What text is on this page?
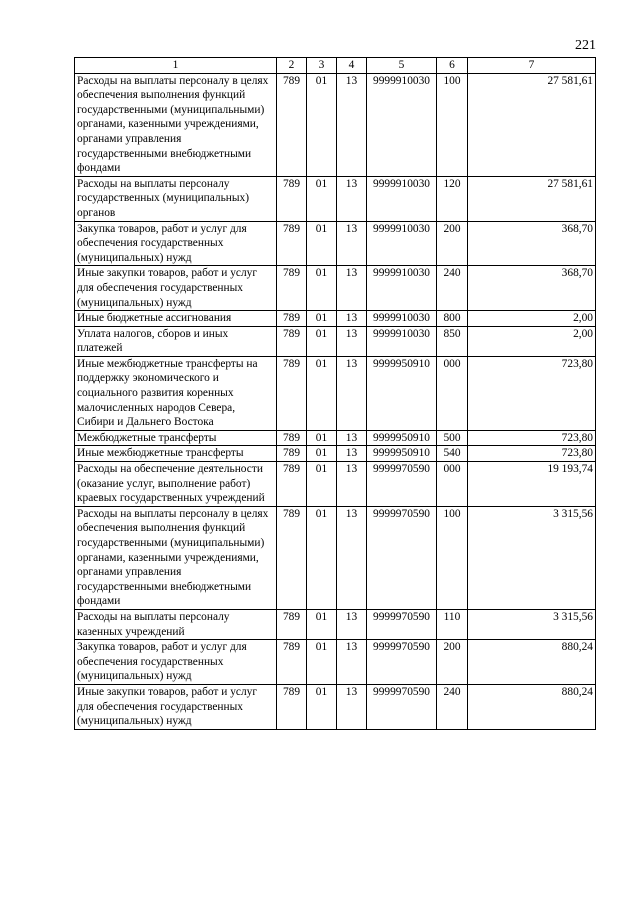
221
1	2	3	4	5	6	7
Расходы на выплаты персоналу в целях обеспечения выполнения функций государственными (муниципальными) органами, казенными учреждениями, органами управления государственными внебюджетными фондами	789	01	13	9999910030	100	27 581,61
Расходы на выплаты персоналу государственных (муниципальных) органов	789	01	13	9999910030	120	27 581,61
Закупка товаров, работ и услуг для обеспечения государственных (муниципальных) нужд	789	01	13	9999910030	200	368,70
Иные закупки товаров, работ и услуг для обеспечения государственных (муниципальных) нужд	789	01	13	9999910030	240	368,70
Иные бюджетные ассигнования	789	01	13	9999910030	800	2,00
Уплата налогов, сборов и иных платежей	789	01	13	9999910030	850	2,00
Иные межбюджетные трансферты на поддержку экономического и социального развития коренных малочисленных народов Севера, Сибири и Дальнего Востока	789	01	13	9999950910	000	723,80
Межбюджетные трансферты	789	01	13	9999950910	500	723,80
Иные межбюджетные трансферты	789	01	13	9999950910	540	723,80
Расходы на обеспечение деятельности (оказание услуг, выполнение работ) краевых государственных учреждений	789	01	13	9999970590	000	19 193,74
Расходы на выплаты персоналу в целях обеспечения выполнения функций государственными (муниципальными) органами, казенными учреждениями, органами управления государственными внебюджетными фондами	789	01	13	9999970590	100	3 315,56
Расходы на выплаты персоналу казенных учреждений	789	01	13	9999970590	110	3 315,56
Закупка товаров, работ и услуг для обеспечения государственных (муниципальных) нужд	789	01	13	9999970590	200	880,24
Иные закупки товаров, работ и услуг для обеспечения государственных (муниципальных) нужд	789	01	13	9999970590	240	880,24
